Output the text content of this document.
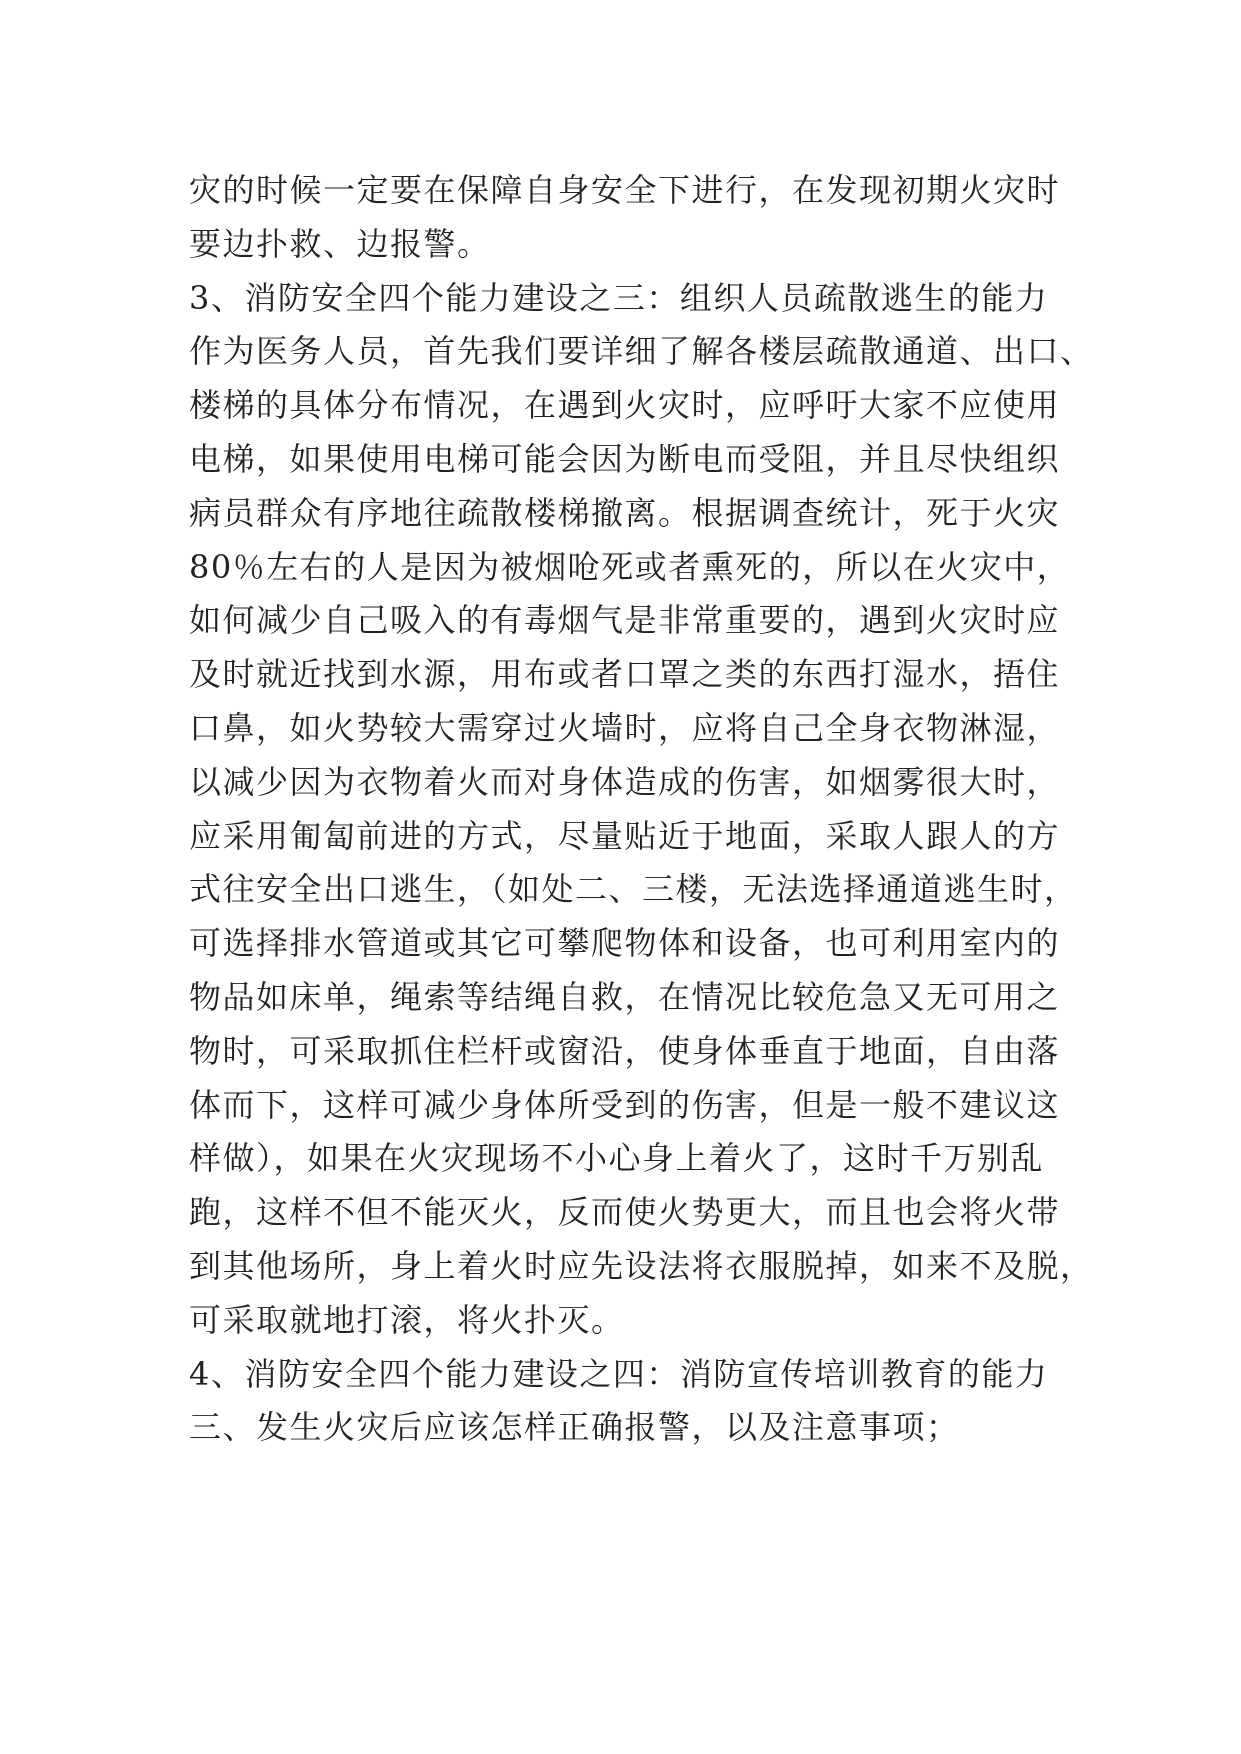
灾的时候一定要在保障自身安全下进行，在发现初期火灾时
要边扑救、边报警。
3、消防安全四个能力建设之三：组织人员疏散逃生的能力
作为医务人员，首先我们要详细了解各楼层疏散通道、出口、
楼梯的具体分布情况，在遇到火灾时，应呼吁大家不应使用
电梯，如果使用电梯可能会因为断电而受阻，并且尽快组织
病员群众有序地往疏散楼梯撤离。根据调查统计，死于火灾
80％左右的人是因为被烟呛死或者熏死的，所以在火灾中，
如何减少自己吸入的有毒烟气是非常重要的，遇到火灾时应
及时就近找到水源，用布或者口罩之类的东西打湿水，捂住
口鼻，如火势较大需穿过火墙时，应将自己全身衣物淋湿，
以减少因为衣物着火而对身体造成的伤害，如烟雾很大时，
应采用匍匐前进的方式，尽量贴近于地面，采取人跟人的方
式往安全出口逃生，（如处二、三楼，无法选择通道逃生时，
可选择排水管道或其它可攀爬物体和设备，也可利用室内的
物品如床单，绳索等结绳自救，在情况比较危急又无可用之
物时，可采取抓住栏杆或窗沿，使身体垂直于地面，自由落
体而下，这样可减少身体所受到的伤害，但是一般不建议这
样做），如果在火灾现场不小心身上着火了，这时千万别乱
跑，这样不但不能灭火，反而使火势更大，而且也会将火带
到其他场所，身上着火时应先设法将衣服脱掉，如来不及脱，
可采取就地打滚，将火扑灭。
4、消防安全四个能力建设之四：消防宣传培训教育的能力
三、发生火灾后应该怎样正确报警，以及注意事项；
